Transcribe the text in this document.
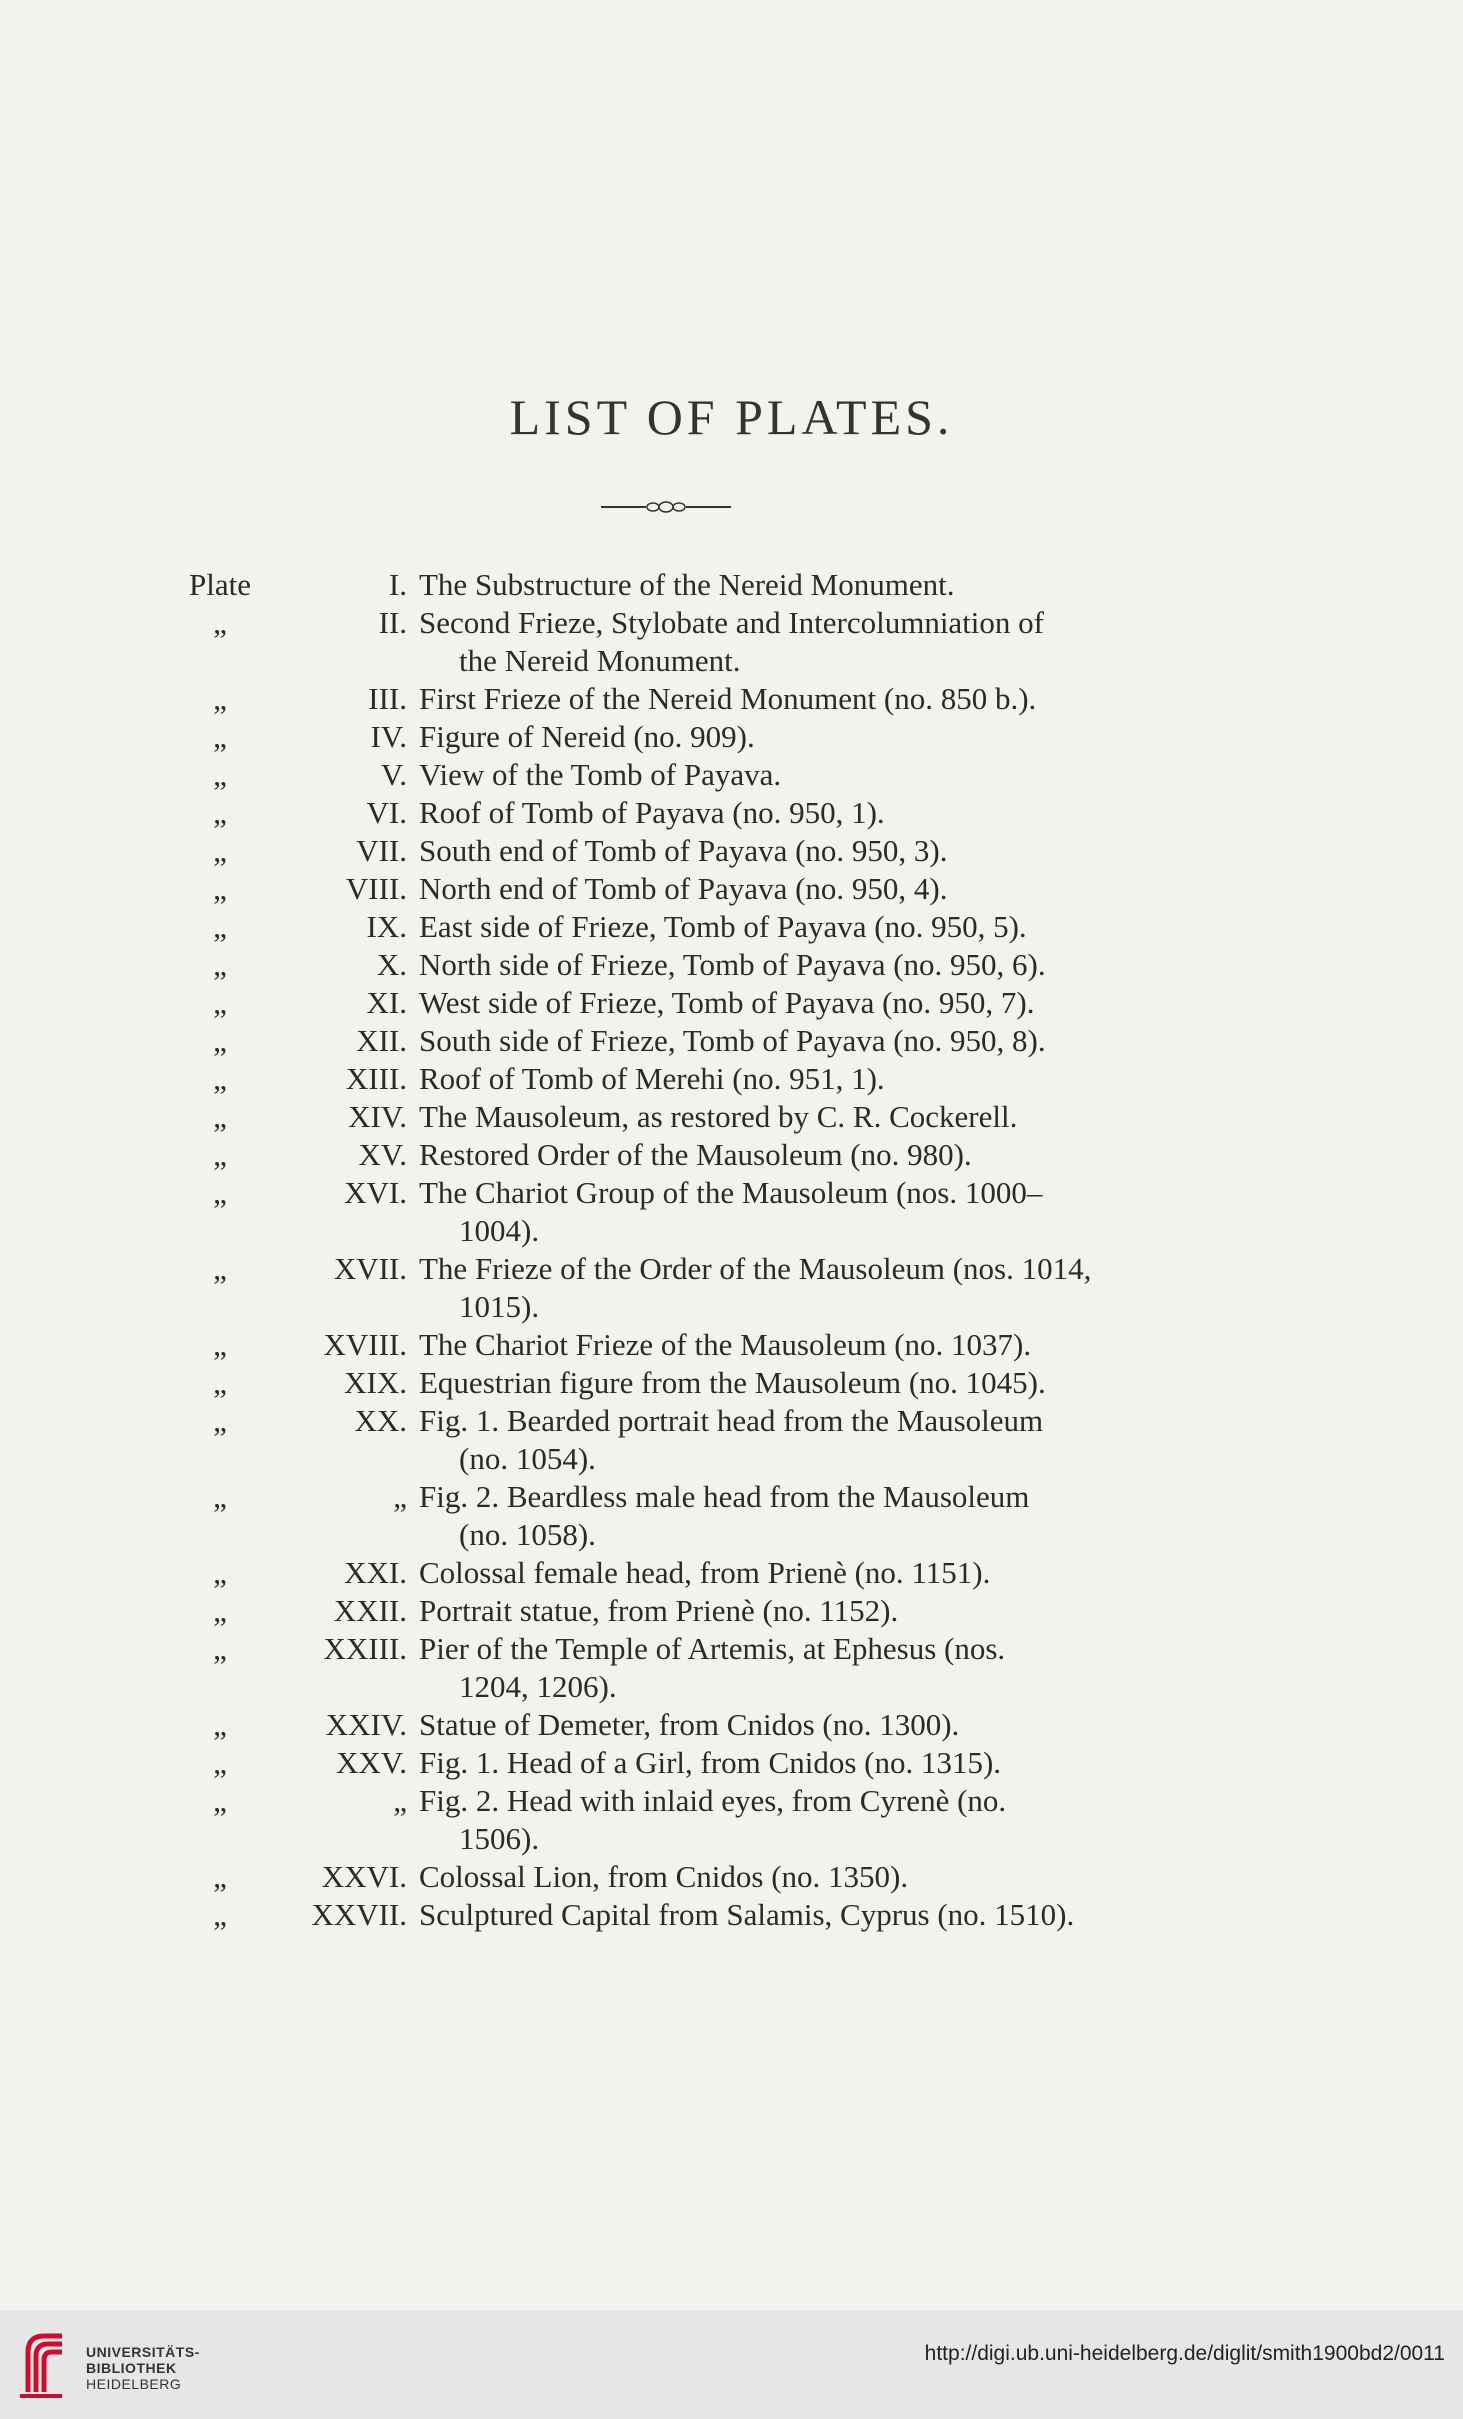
LIST OF PLATES.
Plate	I. The Substructure of the Nereid Monument.
„	II. Second Frieze, Stylobate and Intercolumniation of
the Nereid Monument.
„	III. First Frieze of the Nereid Monument (no. 850 b.).
„	IV. Figure of Nereid (no. 909).
„	V. View of the Tomb of Payava.
„	VI. Roof of Tomb of Payava (no. 950, 1).
„	VII. South end of Tomb of Payava (no. 950, 3).
„	VIII. North end of Tomb of Payava (no. 950, 4).
„	IX. East side of Frieze, Tomb of Payava (no. 950, 5).
„	X. North side of Frieze, Tomb of Payava (no. 950, 6).
„	XI. West side of Frieze, Tomb of Payava (no. 950, 7).
„	XII. South side of Frieze, Tomb of Payava (no. 950, 8).
„	XIII. Roof of Tomb of Merehi (no. 951, 1).
„	XIV. The Mausoleum, as restored by C. R. Cockerell.
„	XV. Restored Order of the Mausoleum (no. 980).
„	XVI. The Chariot Group of the Mausoleum (nos. 1000–
1004).
„	XVII. The Frieze of the Order of the Mausoleum (nos. 1014,
1015).
„	XVIII. The Chariot Frieze of the Mausoleum (no. 1037).
„	XIX. Equestrian figure from the Mausoleum (no. 1045).
„	XX. Fig. 1. Bearded portrait head from the Mausoleum
(no. 1054).
„	„ Fig. 2. Beardless male head from the Mausoleum
(no. 1058).
„	XXI. Colossal female head, from Prienè (no. 1151).
„	XXII. Portrait statue, from Prienè (no. 1152).
„	XXIII. Pier of the Temple of Artemis, at Ephesus (nos.
1204, 1206).
„	XXIV. Statue of Demeter, from Cnidos (no. 1300).
„	XXV. Fig. 1. Head of a Girl, from Cnidos (no. 1315).
„	„ Fig. 2. Head with inlaid eyes, from Cyrenè (no.
1506).
„	XXVI. Colossal Lion, from Cnidos (no. 1350).
„	XXVII. Sculptured Capital from Salamis, Cyprus (no. 1510).
UNIVERSITÄTS-
BIBLIOTHEK
HEIDELBERG
http://digi.ub.uni-heidelberg.de/diglit/smith1900bd2/0011
